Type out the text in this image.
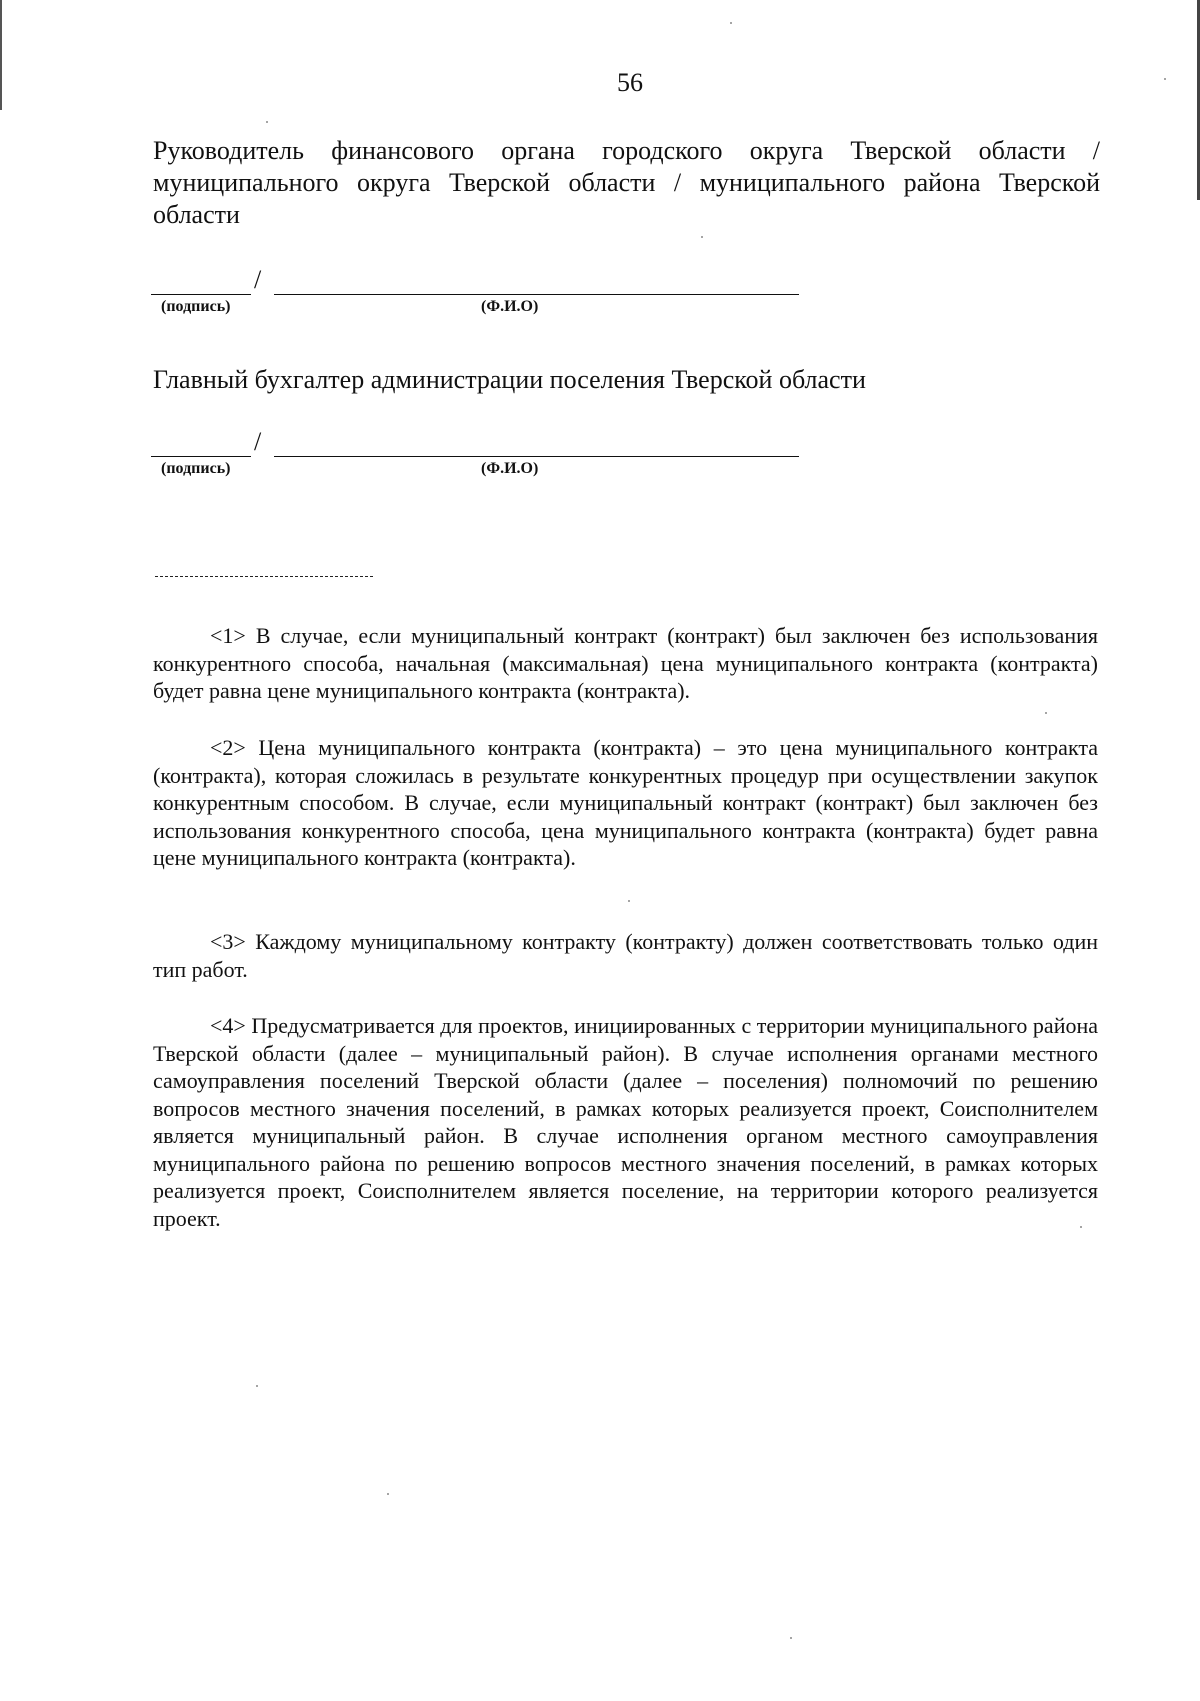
56
Руководитель финансового органа городского округа Тверской области / муниципального округа Тверской области / муниципального района Тверской области
/
(подпись)	(Ф.И.О)
Главный бухгалтер администрации поселения Тверской области
/
(подпись)	(Ф.И.О)

<1> В случае, если муниципальный контракт (контракт) был заключен без использования конкурентного способа, начальная (максимальная) цена муниципального контракта (контракта) будет равна цене муниципального контракта (контракта).

<2> Цена муниципального контракта (контракта) – это цена муниципального контракта (контракта), которая сложилась в результате конкурентных процедур при осуществлении закупок конкурентным способом. В случае, если муниципальный контракт (контракт) был заключен без использования конкурентного способа, цена муниципального контракта (контракта) будет равна цене муниципального контракта (контракта).

<3> Каждому муниципальному контракту (контракту) должен соответствовать только один тип работ.

<4> Предусматривается для проектов, инициированных с территории муниципального района Тверской области (далее – муниципальный район). В случае исполнения органами местного самоуправления поселений Тверской области (далее – поселения) полномочий по решению вопросов местного значения поселений, в рамках которых реализуется проект, Соисполнителем является муниципальный район. В случае исполнения органом местного самоуправления муниципального района по решению вопросов местного значения поселений, в рамках которых реализуется проект, Соисполнителем является поселение, на территории которого реализуется проект.
